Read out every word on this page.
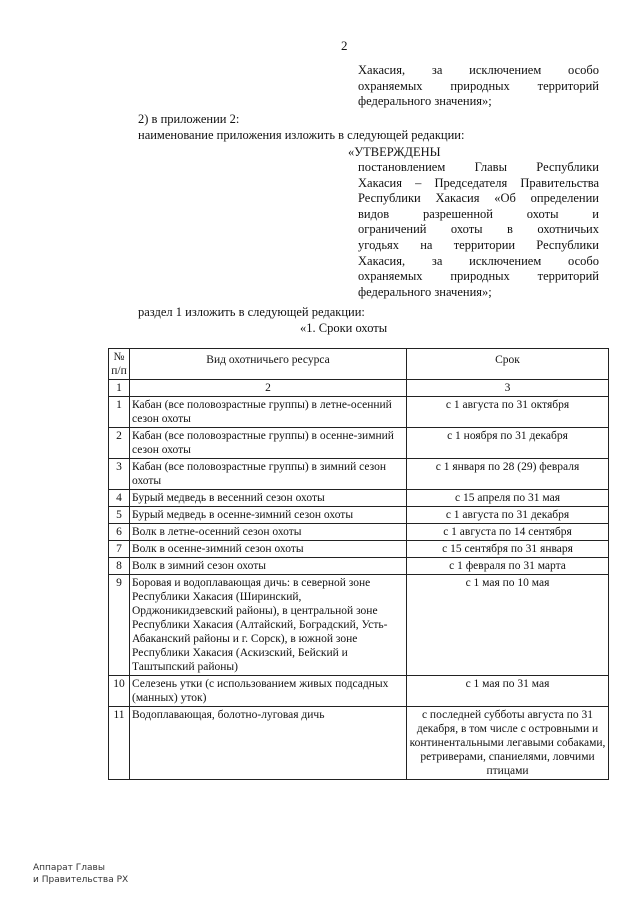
2
Хакасия, за исключением особо
охраняемых природных территорий
федерального значения»;
2) в приложении 2:
наименование приложения изложить в следующей редакции:
«УТВЕРЖДЕНЫ
постановлением Главы Республики
Хакасия – Председателя Правительства
Республики Хакасия «Об определении
видов разрешенной охоты и
ограничений охоты в охотничьих
угодьях на территории Республики
Хакасия, за исключением особо
охраняемых природных территорий
федерального значения»;
раздел 1 изложить в следующей редакции:
«1. Сроки охоты
№ п/п	Вид охотничьего ресурса	Срок
1	2	3
1	Кабан (все половозрастные группы) в летне-осенний сезон охоты	с 1 августа по 31 октября
2	Кабан (все половозрастные группы) в осенне-зимний сезон охоты	с 1 ноября по 31 декабря
3	Кабан (все половозрастные группы) в зимний сезон охоты	с 1 января по 28 (29) февраля
4	Бурый медведь в весенний сезон охоты	с 15 апреля по 31 мая
5	Бурый медведь в осенне-зимний сезон охоты	с 1 августа по 31 декабря
6	Волк в летне-осенний сезон охоты	с 1 августа по 14 сентября
7	Волк в осенне-зимний сезон охоты	с 15 сентября по 31 января
8	Волк в зимний сезон охоты	с 1 февраля по 31 марта
9	Боровая и водоплавающая дичь: в северной зоне Республики Хакасия (Ширинский, Орджоникидзевский районы), в центральной зоне Республики Хакасия (Алтайский, Боградский, Усть-Абаканский районы и г. Сорск), в южной зоне Республики Хакасия (Аскизский, Бейский и Таштыпский районы)	с 1 мая по 10 мая
10	Селезень утки (с использованием живых подсадных (манных) уток)	с 1 мая по 31 мая
11	Водоплавающая, болотно-луговая дичь	с последней субботы августа по 31 декабря, в том числе с островными и континентальными легавыми собаками, ретриверами, спаниелями, ловчими птицами
Аппарат Главы
и Правительства РХ
